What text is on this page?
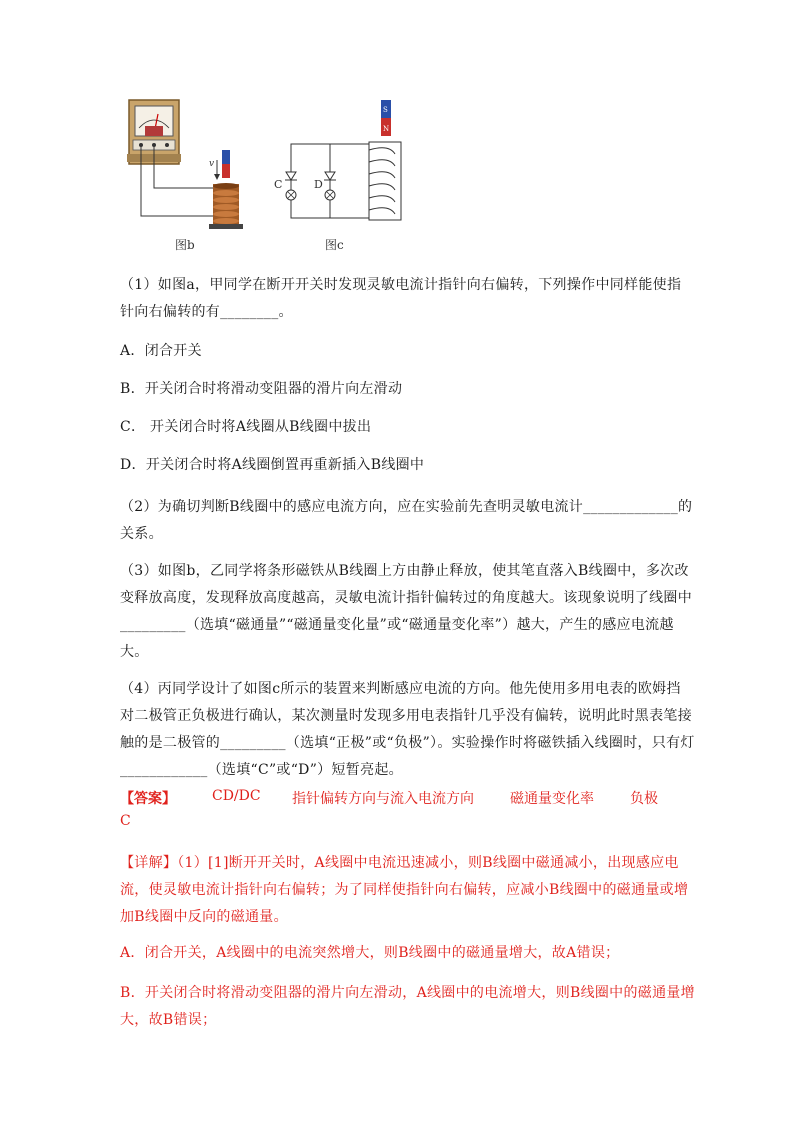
v
C	D
S
N
图b	图c
（1）如图a，甲同学在断开开关时发现灵敏电流计指针向右偏转，下列操作中同样能使指针向右偏转的有________。
A．闭合开关
B．开关闭合时将滑动变阻器的滑片向左滑动
C． 开关闭合时将A线圈从B线圈中拔出
D．开关闭合时将A线圈倒置再重新插入B线圈中
（2）为确切判断B线圈中的感应电流方向，应在实验前先查明灵敏电流计_____________的关系。
（3）如图b，乙同学将条形磁铁从B线圈上方由静止释放，使其笔直落入B线圈中，多次改变释放高度，发现释放高度越高，灵敏电流计指针偏转过的角度越大。该现象说明了线圈中_________（选填“磁通量”“磁通量变化量”或“磁通量变化率”）越大，产生的感应电流越大。
（4）丙同学设计了如图c所示的装置来判断感应电流的方向。他先使用多用电表的欧姆挡对二极管正负极进行确认，某次测量时发现多用电表指针几乎没有偏转，说明此时黑表笔接触的是二极管的_________（选填“正极”或“负极”）。实验操作时将磁铁插入线圈时，只有灯____________（选填“C”或“D”）短暂亮起。
【答案】	CD/DC 指针偏转方向与流入电流方向	磁通量变化率	负极
C
【详解】（1）[1]断开开关时，A线圈中电流迅速减小，则B线圈中磁通减小，出现感应电流，使灵敏电流计指针向右偏转；为了同样使指针向右偏转，应减小B线圈中的磁通量或增加B线圈中反向的磁通量。
A．闭合开关，A线圈中的电流突然增大，则B线圈中的磁通量增大，故A错误；
B．开关闭合时将滑动变阻器的滑片向左滑动，A线圈中的电流增大，则B线圈中的磁通量增大，故B错误；
